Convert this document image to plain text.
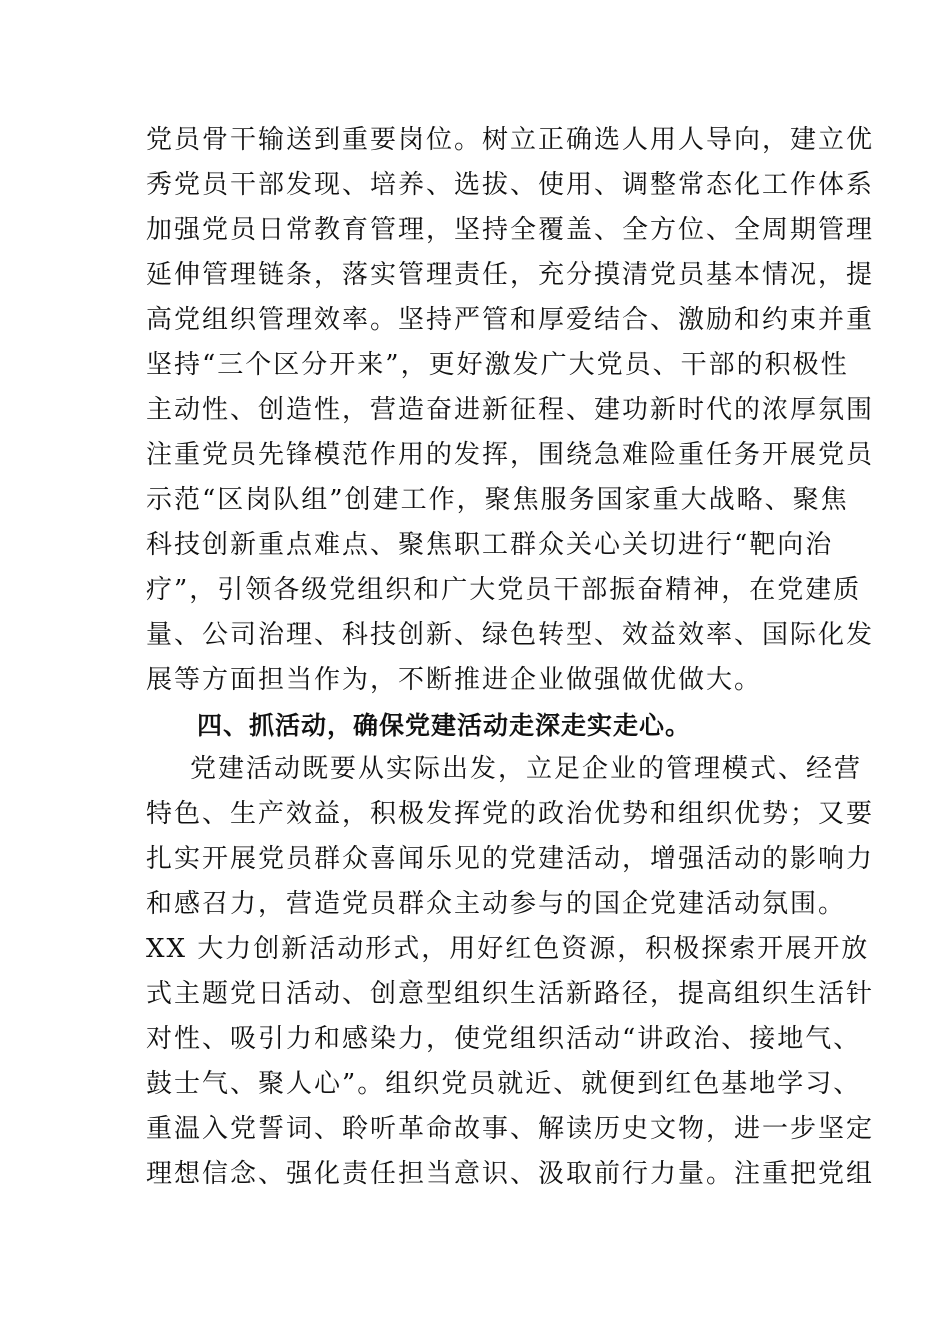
党员骨干输送到重要岗位。树立正确选人用人导向，建立优
秀党员干部发现、培养、选拔、使用、调整常态化工作体系
加强党员日常教育管理，坚持全覆盖、全方位、全周期管理
延伸管理链条，落实管理责任，充分摸清党员基本情况，提
高党组织管理效率。坚持严管和厚爱结合、激励和约束并重
坚持“三个区分开来”，更好激发广大党员、干部的积极性
主动性、创造性，营造奋进新征程、建功新时代的浓厚氛围
注重党员先锋模范作用的发挥，围绕急难险重任务开展党员
示范“区岗队组”创建工作，聚焦服务国家重大战略、聚焦
科技创新重点难点、聚焦职工群众关心关切进行“靶向治
疗”，引领各级党组织和广大党员干部振奋精神，在党建质
量、公司治理、科技创新、绿色转型、效益效率、国际化发
展等方面担当作为，不断推进企业做强做优做大。
四、抓活动，确保党建活动走深走实走心。
党建活动既要从实际出发，立足企业的管理模式、经营
特色、生产效益，积极发挥党的政治优势和组织优势；又要
扎实开展党员群众喜闻乐见的党建活动，增强活动的影响力
和感召力，营造党员群众主动参与的国企党建活动氛围。
XX 大力创新活动形式，用好红色资源，积极探索开展开放
式主题党日活动、创意型组织生活新路径，提高组织生活针
对性、吸引力和感染力，使党组织活动“讲政治、接地气、
鼓士气、聚人心”。组织党员就近、就便到红色基地学习、
重温入党誓词、聆听革命故事、解读历史文物，进一步坚定
理想信念、强化责任担当意识、汲取前行力量。注重把党组
